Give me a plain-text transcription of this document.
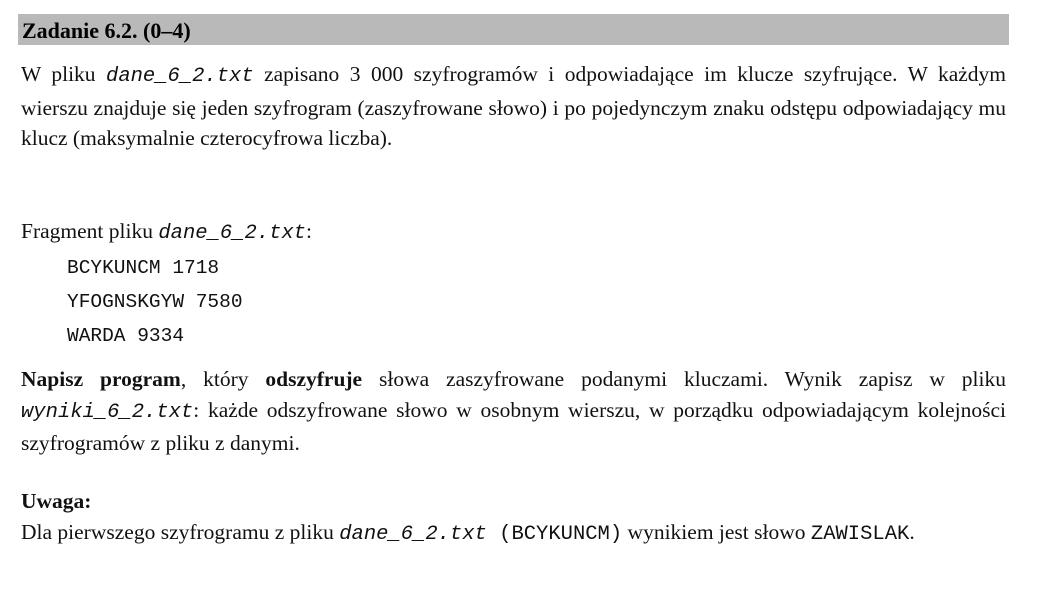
Zadanie 6.2. (0–4)
W pliku dane_6_2.txt zapisano 3 000 szyfrogramów i odpowiadające im klucze szyfrujące. W każdym wierszu znajduje się jeden szyfrogram (zaszyfrowane słowo) i po pojedynczym znaku odstępu odpowiadający mu klucz (maksymalnie czterocyfrowa liczba).
Fragment pliku dane_6_2.txt:
BCYKUNCM 1718
YFOGNSKGYW 7580
WARDA 9334
Napisz program, który odszyfruje słowa zaszyfrowane podanymi kluczami. Wynik zapisz w pliku wyniki_6_2.txt: każde odszyfrowane słowo w osobnym wierszu, w porządku odpowiadającym kolejności szyfrogramów z pliku z danymi.
Uwaga:
Dla pierwszego szyfrogramu z pliku dane_6_2.txt (BCYKUNCM) wynikiem jest słowo ZAWISLAK.
